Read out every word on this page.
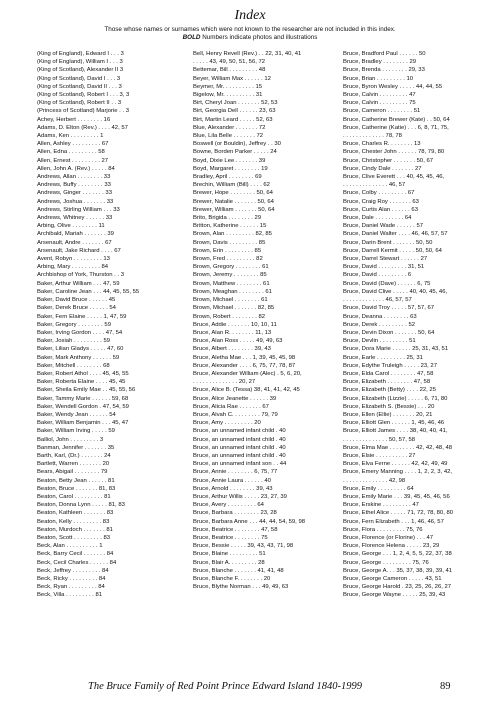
Index
Those whose names or surnames which were not known to the researcher are not included in this index.
BOLD Numbers indicate photos and illustrations
(King of England), Edward I . . . 3
(King of England), William I . . . 3
(King of Scotland), Alexander II 3
(King of Scotland), David I . . . 3
(King of Scotland), David II . . . 3
(King of Scotland), Robert I . . . 3, 3
(King of Scotland), Robert II . . 3
(Princess of Scotland) Marjorie . . 3
Achey, Herbert . . . . . . . . 16
Adams, D. Elton (Rev.) . . . . 42, 57
Adams, Ken . . . . . . . . . 1
Allen, Ashley . . . . . . . . . 67
Allen, Edna . . . . . . . . . 58
Allen, Ernest . . . . . . . . . 27
Allen, John A. (Rev.) . . . . . 84
Andrews, Allan . . . . . . . . 33
Andrews, Buffy . . . . . . . . 33
Andrews, Ginger . . . . . . . 33
Andrews, Joshua . . . . . . . 33
Andrews, Stirling William . . . 33
Andrews, Whitney . . . . . . 33
Arbing, Olive . . . . . . . . 11
Archibald, Mariah . . . . . . . 39
Arsenault, Andre . . . . . . . 67
Arsenault, Jake Richard . . . . 67
Avent, Robyn . . . . . . . . . 13
Arbing, Mary . . . . . . . . . 84
Archbishop of York, Thurston . . 3
Baker, Arthur William . . . 47, 59
Baker, Caroline Jean . . . 44, 45, 55, 55
Baker, David Bruce . . . . . . 45
Baker, Derek Bruce . . . . . . 54
Baker, Fern Elaine . . . . . 1, 47, 59
Baker, Gregory . . . . . . . . 59
Baker, Irving Gordon . . . . 47, 54
Baker, Josiah . . . . . . . . . 59
Baker, Lilian Gladys . . . . . 47, 60
Baker, Mark Anthony . . . . . . 59
Baker, Mitchell . . . . . . . . 68
Baker, Robert Athol . . . . 45, 45, 55
Baker, Roberta Elaine . . . . 45, 45
Baker, Sheila Emily Mae . . 45, 55, 56
Baker, Tammy Marie . . . . . . 59, 68
Baker, Wendell Gordon . 47, 54, 59
Baker, Wendy Jean . . . . . . 54
Baker, William Benjamin . . . 45, 47
Baker, William Irving . . . . . 59
Balliol, John . . . . . . . . . 3
Banman, Jennifer . . . . . . . 35
Barth, Karl, (Dr.) . . . . . . . 24
Bartlett, Warren . . . . . . . 20
Bears, Abigail . . . . . . . . 79
Beaton, Betty Jean . . . . . . 81
Beaton, Bruce . . . . . . . 81, 83
Beaton, Carol . . . . . . . . . 81
Beaton, Donna Lynn . . . . . 81, 83
Beaton, Kathleen . . . . . . . 83
Beaton, Kelly . . . . . . . . . 83
Beaton, Murdoch . . . . . . . 81
Beaton, Scott . . . . . . . . . 83
Beck, Alan . . . . . . . . . . 1
Beck, Barry Cecil . . . . . . . 84
Beck, Cecil Charles . . . . . . 84
Beck, Jeffrey . . . . . . . . . 84
Beck, Ricky . . . . . . . . . 84
Beck, Ryan . . . . . . . . . 84
Beck, Villa . . . . . . . . . 81
Bell, Henry Revell (Rev.) . . 22, 31, 40, 41
. . . . . 43, 49, 50, 51, 56, 72
Bettemar, Bill . . . . . . . . . 48
Beyer, William Max . . . . . . 12
Beymer, Mr. . . . . . . . . . 15
Bigelow, Mr. . . . . . . . . . 31
Birt, Cheryl Joan . . . . . . . 52, 53
Birt, Georgia Dell . . . . . . 23, 63
Birt, Martin Leard . . . . . 52, 63
Blue, Alexander . . . . . . . 72
Blue, Lila Belle . . . . . . . 72
Boswell (or Bouldin), Jeffrey . . 30
Bowne, Borden Parker . . . . . 24
Boyd, Dixie Lee . . . . . . . 39
Boyd, Margaret . . . . . . . . 19
Bradley, April . . . . . . . . 69
Brechin, William (Bill) . . . . 62
Brewer, Hope . . . . . . . . 50, 64
Brewer, Natalie . . . . . . . 50, 64
Brewer, William . . . . . . . 50, 64
Brito, Brigida . . . . . . . . 29
Britton, Katherine . . . . . . 15
Brown, Alan . . . . . . . . . 82, 85
Brown, Davis . . . . . . . . . 85
Brown, Erin . . . . . . . . . 85
Brown, Fred . . . . . . . . . 82
Brown, Gregory . . . . . . . . 61
Brown, Jeremy . . . . . . . . 85
Brown, Matthew . . . . . . . . 61
Brown, Meaghan . . . . . . . . 61
Brown, Michael . . . . . . . . 61
Brown, Michael . . . . . . . 82, 85
Brown, Robert . . . . . . . . 82
Bruce, Addie . . . . . . . 10, 10, 11
Bruce, Alan R. . . . . . . . 11, 13
Bruce, Alan Ross . . . . . 49, 49, 63
Bruce, Albert . . . . . . . . 39, 43
Bruce, Aletha Mae . . . 1, 39, 45, 45, 98
Bruce, Alexander . . . . 6, 75, 77, 78, 87
Bruce, Alexander William (Alec) . 5, 6, 20,
. . . . . . . . . . . . . . 20, 27
Bruce, Alice B. (Tessa) 38, 41, 41, 42, 45
Bruce, Alice Jeanette . . . . . . 39
Bruce, Alicia Rae . . . . . . . 67
Bruce, Alvah C. . . . . . . . . 79, 79
Bruce, Amy . . . . . . . . . 20
Bruce, an unnamed infant child . 40
Bruce, an unnamed infant child . 40
Bruce, an unnamed infant child . 40
Bruce, an unnamed infant child . 40
Bruce, an unnamed infant son . . 44
Bruce, Annie . . . . . . . . 6, 75, 77
Bruce, Annie Laura . . . . . . 40
Bruce, Arnold . . . . . . . . 39, 43
Bruce, Arthur Willis . . . . . 23, 27, 39
Bruce, Avery . . . . . . . . . 64
Bruce, Barbara . . . . . . . . 23, 28
Bruce, Barbara Anne . . . 44, 44, 54, 59, 98
Bruce, Beatrice . . . . . . . . 47, 58
Bruce, Beatrice . . . . . . . . 75
Bruce, Bessie . . . . . 39, 43, 43, 71, 98
Bruce, Blaine . . . . . . . . . 51
Bruce, Blair A. . . . . . . . . 28
Bruce, Blanche . . . . . . . 41, 41, 48
Bruce, Blanche F. . . . . . . . 20
Bruce, Blythe Norman . . . 49, 49, 63
Bruce, Bradford Paul . . . . . . 50
Bruce, Bradley . . . . . . . . 29
Bruce, Brenda . . . . . . . . 29, 33
Bruce, Brian . . . . . . . . . 10
Bruce, Byron Wesley . . . . . 44, 44, 55
Bruce, Calvin . . . . . . . . . 47
Bruce, Calvin . . . . . . . . . 75
Bruce, Cameron . . . . . . . . 51
Bruce, Catherine Brewer (Kate) . . 50, 64
Bruce, Catherine (Katie) . . . 6, 8, 71, 75,
. . . . . . . . . . . . . 78, 78
Bruce, Charles R. . . . . . . . 13
Bruce, Chester John . . . . . . 78, 79, 80
Bruce, Christopher . . . . . . . 50, 67
Bruce, Cindy Dale . . . . . . . 27
Bruce, Clive Everett . . . 40, 45, 45, 46,
. . . . . . . . . . . . . . 46, 57
Bruce, Colby . . . . . . . . . 67
Bruce, Craig Roy . . . . . . . 63
Bruce, Curtis Alan . . . . . . 63
Bruce, Dale . . . . . . . . . 64
Bruce, Daniel Wade . . . . . . 57
Bruce, Daniel Walter . . . . 46, 46, 57, 57
Bruce, Darin Brent . . . . . . . 50, 50
Bruce, Darrell Kermit . . . . . 50, 50, 64
Bruce, Darrel Stewart . . . . . . 27
Bruce, David . . . . . . . . . 31, 51
Bruce, David . . . . . . . . . 6
Bruce, David (Dave) . . . . . . 6, 75
Bruce, David Clive . . . . . 40, 40, 45, 46,
. . . . . . . . . . . . . 46, 57, 57
Bruce, David Troy . . . . . 57, 57, 67
Bruce, Deanna . . . . . . . . 63
Bruce, Derek . . . . . . . . . 52
Bruce, Devin Dixon . . . . . . . 50, 64
Bruce, Devlin . . . . . . . . . 51
Bruce, Dora Marie . . . . . . 25, 31, 43, 51
Bruce, Earle . . . . . . . . . 25, 31
Bruce, Edythe Truleigh . . . . . 23, 27
Bruce, Elda Carol . . . . . . . . 47, 58
Bruce, Elizabeth . . . . . . . . 47, 58
Bruce, Elizabeth (Betty) . . . . 22, 25
Bruce, Elizabeth (Lizzie) . . . . . 6, 71, 80
Bruce, Elizabeth S. (Bessie) . . . 20
Bruce, Ellen (Ellie) . . . . . . . 20, 21
Bruce, Elliott Glen . . . . . . 1, 45, 46, 46
Bruce, Elliott James . . . . 38, 40, 40, 41,
. . . . . . . . . . . . . . 50, 57, 58
Bruce, Elma Mae . . . . . . . . 42, 42, 48, 48
Bruce, Elsie . . . . . . . . . . 27
Bruce, Elva Ferne . . . . . . 42, 42, 49, 49
Bruce, Emery Manning . . . . 1, 2, 2, 3, 42,
. . . . . . . . . . . . . . 42, 98
Bruce, Emily . . . . . . . . . 64
Bruce, Emily Marie . . . 39, 45, 45, 46, 56
Bruce, Erskine . . . . . . . . . 47
Bruce, Ethel Alice . . . . . 71, 72, 78, 80, 80
Bruce, Fern Elizabeth . . . 1, 46, 46, 57
Bruce, Flora . . . . . . . . . 75, 76
Bruce, Florence (or Florine) . . . 47
Bruce, Florence Helena . . . . . 23, 29
Bruce, George . . . 1, 2, 4, 5, 5, 22, 37, 38
Bruce, George . . . . . . . . . 75, 76
Bruce, George A. . . 35, 37, 38, 39, 39, 41
Bruce, George Cameron . . . . . 43, 51
Bruce, George Harold . 23, 25, 26, 26, 27
Bruce, George Wayne . . . . . 25, 39, 43
The Bruce Family of Red Point Prince Edward Island 1840-1999	89
